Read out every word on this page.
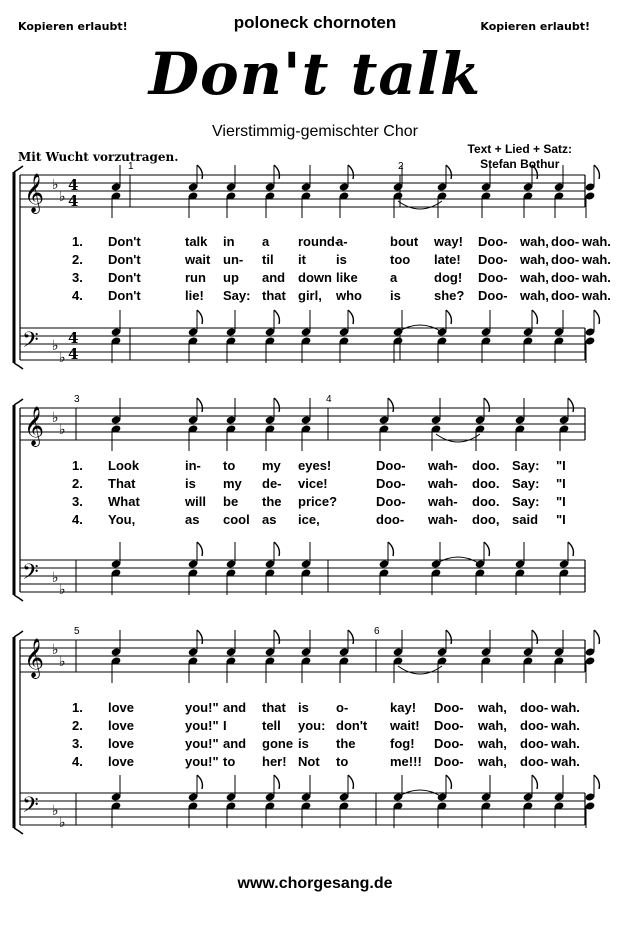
Kopieren erlaubt!	poloneck chornoten	Kopieren erlaubt!
Don't talk
Vierstimmig-gemischter Chor
Text + Lied + Satz:
Stefan Bothur
Mit Wucht vorzutragen.
𝄞 ♭
♭
𝄢 ♭
♭
4
4
4
4
1	2
𝄞 ♭
♭
𝄢 ♭
♭
3	4
𝄞 ♭
♭
𝄢 ♭
♭
5	6
1. Don't	talk in a round-
a-	bout way! Doo- wah, doo- wah.
2. Don't	wait un- til it is	too late! Doo- wah, doo- wah.
3. Don't	run up and down like a	dog! Doo- wah, doo- wah.
4. Don't	lie! Say: that girl, who is	she? Doo- wah, doo- wah.
1. Look	in- to my eyes!	Doo- wah- doo. Say: "I
2. That	is my de- vice!	Doo- wah- doo. Say: "I
3. What	will be the price?	Doo- wah- doo. Say: "I
4. You,	as cool as ice,	doo- wah- doo, said "I
1. love	you!" and that is o-	kay! Doo- wah, doo- wah.
2. love	you!" I	tell you: don't wait! Doo- wah, doo- wah.
3. love	you!" and gone is the	fog! Doo- wah, doo- wah.
4. love	you!" to her! Not to	me!!! Doo- wah, doo- wah.
www.chorgesang.de
